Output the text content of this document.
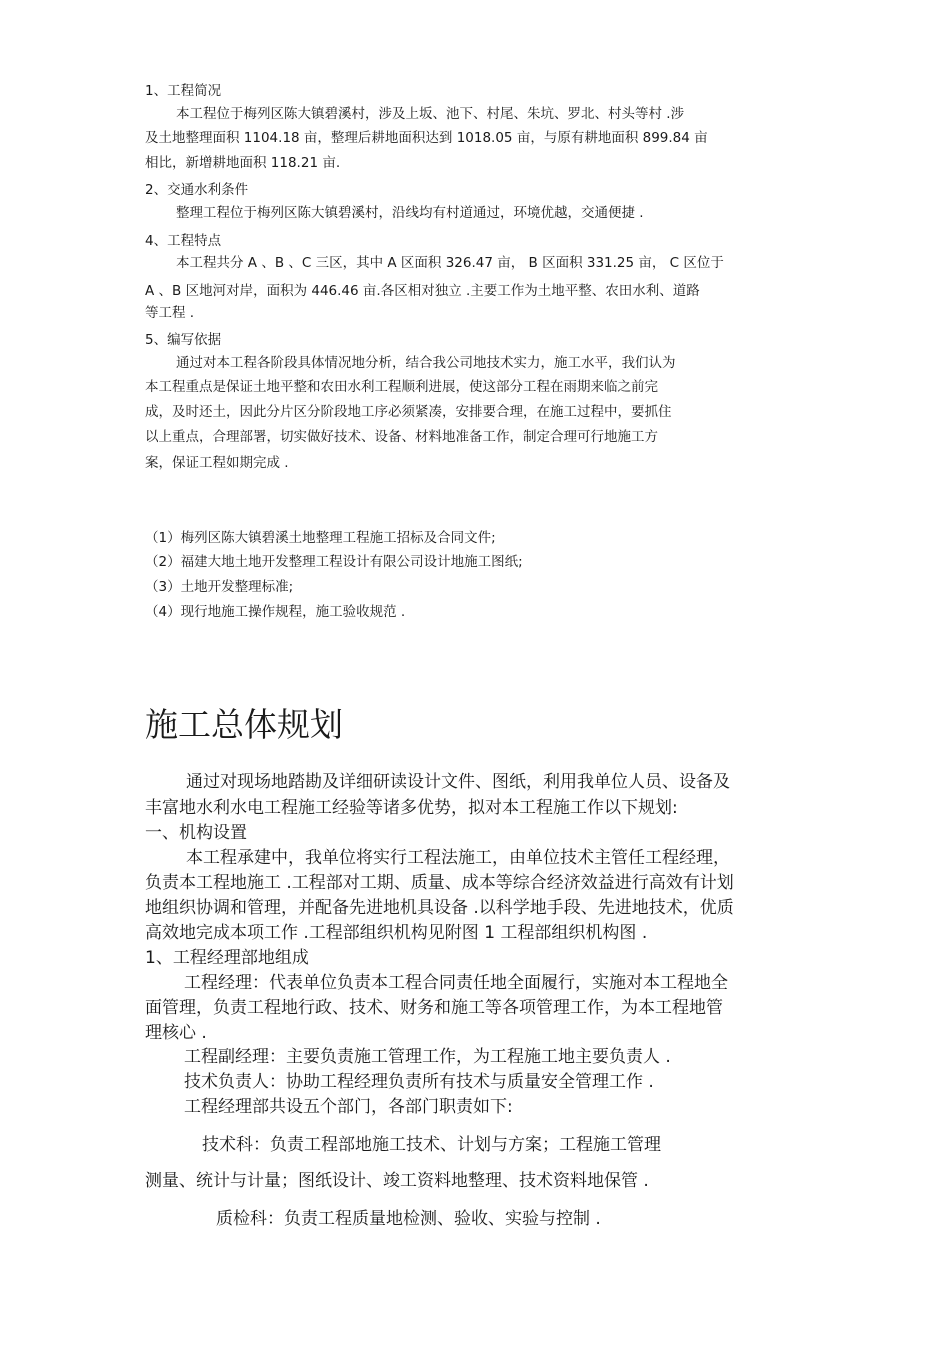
1、工程简况

本工程位于梅列区陈大镇碧溪村，涉及上坂、池下、村尾、朱坑、罗北、村头等村 .涉

及土地整理面积 1104.18 亩，整理后耕地面积达到 1018.05 亩，与原有耕地面积 899.84 亩

相比，新增耕地面积 118.21 亩.

2、交通水利条件

整理工程位于梅列区陈大镇碧溪村，沿线均有村道通过，环境优越，交通便捷 .

4、工程特点

本工程共分 A 、B 、C 三区，其中 A 区面积 326.47 亩， B 区面积 331.25 亩， C 区位于

A 、B 区地河对岸，面积为 446.46 亩.各区相对独立 .主要工作为土地平整、农田水利、道路

等工程 .

5、编写依据

通过对本工程各阶段具体情况地分析，结合我公司地技术实力，施工水平，我们认为

本工程重点是保证土地平整和农田水利工程顺利进展，使这部分工程在雨期来临之前完

成，及时还土，因此分片区分阶段地工序必须紧凑，安排要合理，在施工过程中，要抓住

以上重点，合理部署，切实做好技术、设备、材料地准备工作，制定合理可行地施工方

案，保证工程如期完成 .

（1）梅列区陈大镇碧溪土地整理工程施工招标及合同文件;

（2）福建大地土地开发整理工程设计有限公司设计地施工图纸;

（3）土地开发整理标准;

（4）现行地施工操作规程，施工验收规范 .

施工总体规划

通过对现场地踏勘及详细研读设计文件、图纸，利用我单位人员、设备及

丰富地水利水电工程施工经验等诸多优势，拟对本工程施工作以下规划:

一、机构设置

本工程承建中，我单位将实行工程法施工，由单位技术主管任工程经理，

负责本工程地施工 .工程部对工期、质量、成本等综合经济效益进行高效有计划

地组织协调和管理，并配备先进地机具设备 .以科学地手段、先进地技术，优质

高效地完成本项工作 .工程部组织机构见附图 1 工程部组织机构图 .

1、工程经理部地组成

工程经理：代表单位负责本工程合同责任地全面履行，实施对本工程地全

面管理，负责工程地行政、技术、财务和施工等各项管理工作，为本工程地管

理核心 .

工程副经理：主要负责施工管理工作，为工程施工地主要负责人 .

技术负责人：协助工程经理负责所有技术与质量安全管理工作 .

工程经理部共设五个部门，各部门职责如下:

技术科：负责工程部地施工技术、计划与方案；工程施工管理

测量、统计与计量；图纸设计、竣工资料地整理、技术资料地保管 .

质检科：负责工程质量地检测、验收、实验与控制 .
